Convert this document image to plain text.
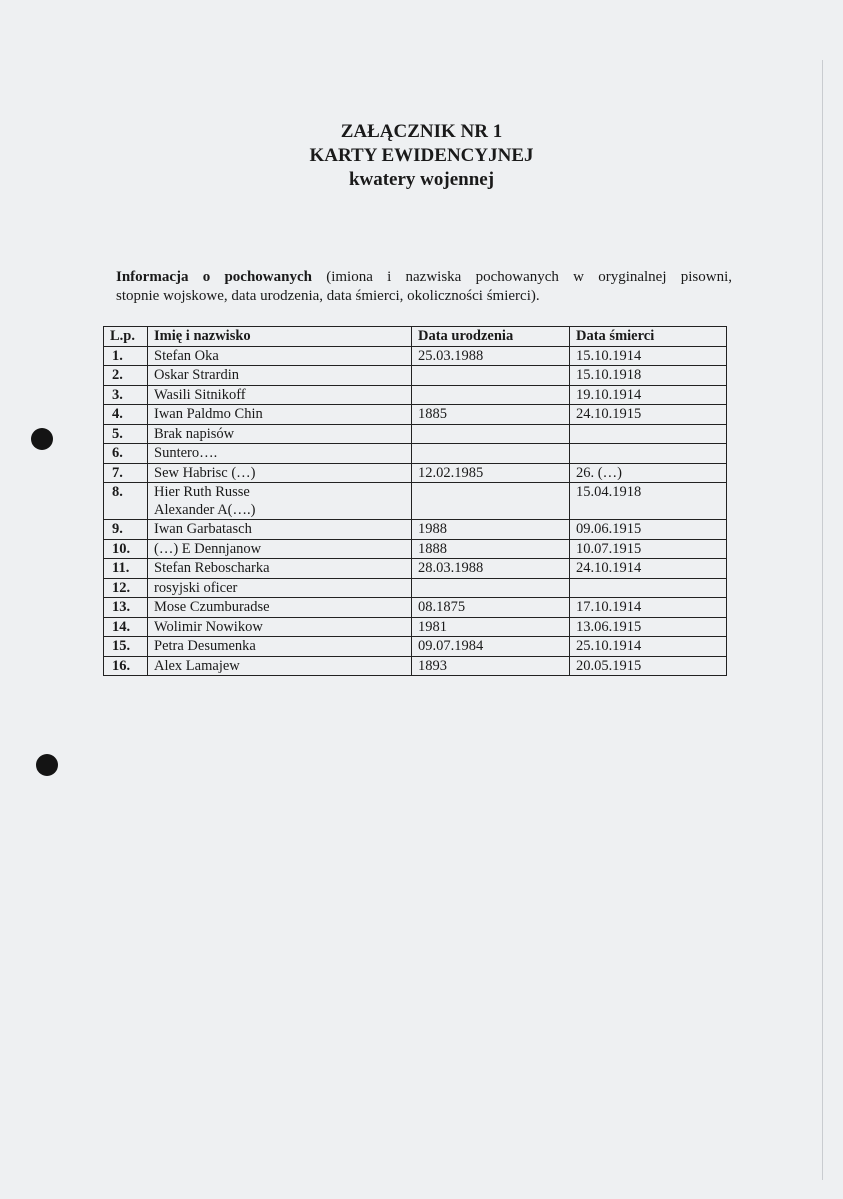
ZAŁĄCZNIK NR 1
KARTY EWIDENCYJNEJ
kwatery wojennej

Informacja o pochowanych (imiona i nazwiska pochowanych w oryginalnej pisowni,

stopnie wojskowe, data urodzenia, data śmierci, okoliczności śmierci).

L.p.	Imię i nazwisko	Data urodzenia	Data śmierci
1.	Stefan Oka	25.03.1988	15.10.1914
2.	Oskar Strardin		15.10.1918
3.	Wasili Sitnikoff		19.10.1914
4.	Iwan Paldmo Chin	1885	24.10.1915
5.	Brak napisów		
6.	Suntero….		
7.	Sew Habrisc (…)	12.02.1985	26. (…)
8.	Hier Ruth Russe
Alexander A(….)		15.04.1918
9.	Iwan Garbatasch	1988	09.06.1915
10.	(…) E Dennjanow	1888	10.07.1915
11.	Stefan Reboscharka	28.03.1988	24.10.1914
12.	rosyjski oficer		
13.	Mose Czumburadse	08.1875	17.10.1914
14.	Wolimir Nowikow	1981	13.06.1915
15.	Petra Desumenka	09.07.1984	25.10.1914
16.	Alex Lamajew	1893	20.05.1915
